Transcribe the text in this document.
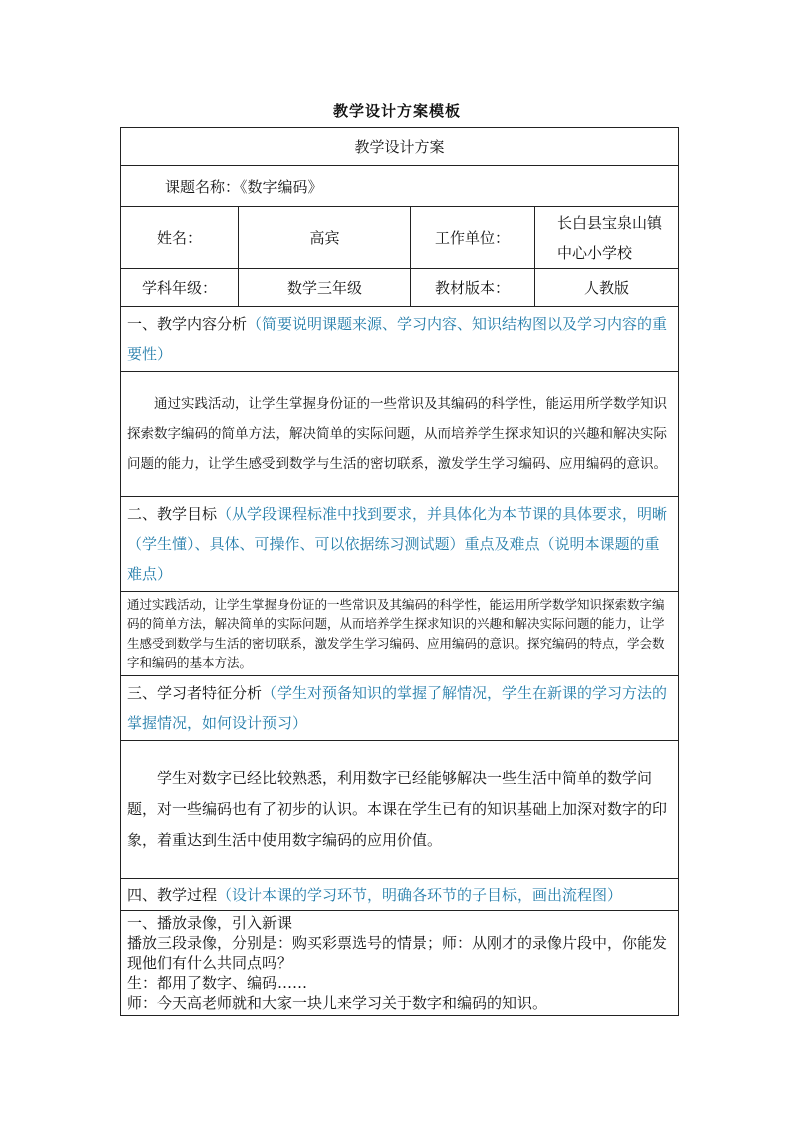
教学设计方案模板
教学设计方案			
课题名称：《数字编码》			
姓名：	高宾	工作单位：	长白县宝泉山镇中心小学校
学科年级：	数学三年级	教材版本：	人教版
一、教学内容分析（简要说明课题来源、学习内容、知识结构图以及学习内容的重要性）			
通过实践活动，让学生掌握身份证的一些常识及其编码的科学性，能运用所学数学知识探索数字编码的简单方法，解决简单的实际问题，从而培养学生探求知识的兴趣和解决实际问题的能力，让学生感受到数学与生活的密切联系，激发学生学习编码、应用编码的意识。			
二、教学目标（从学段课程标准中找到要求，并具体化为本节课的具体要求，明晰（学生懂）、具体、可操作、可以依据练习测试题）重点及难点（说明本课题的重难点）			
通过实践活动，让学生掌握身份证的一些常识及其编码的科学性，能运用所学数学知识探索数字编码的简单方法，解决简单的实际问题，从而培养学生探求知识的兴趣和解决实际问题的能力，让学生感受到数学与生活的密切联系，激发学生学习编码、应用编码的意识。探究编码的特点，学会数字和编码的基本方法。			
三、学习者特征分析（学生对预备知识的掌握了解情况，学生在新课的学习方法的掌握情况，如何设计预习）			
学生对数字已经比较熟悉，利用数字已经能够解决一些生活中简单的数学问题，对一些编码也有了初步的认识。本课在学生已有的知识基础上加深对数字的印象，着重达到生活中使用数字编码的应用价值。			
四、教学过程（设计本课的学习环节，明确各环节的子目标，画出流程图）			

一、播放录像，引入新课
播放三段录像，分别是：购买彩票选号的情景；师：从刚才的录像片段中，你能发现他们有什么共同点吗？
生：都用了数字、编码……
师：今天高老师就和大家一块儿来学习关于数字和编码的知识。			
